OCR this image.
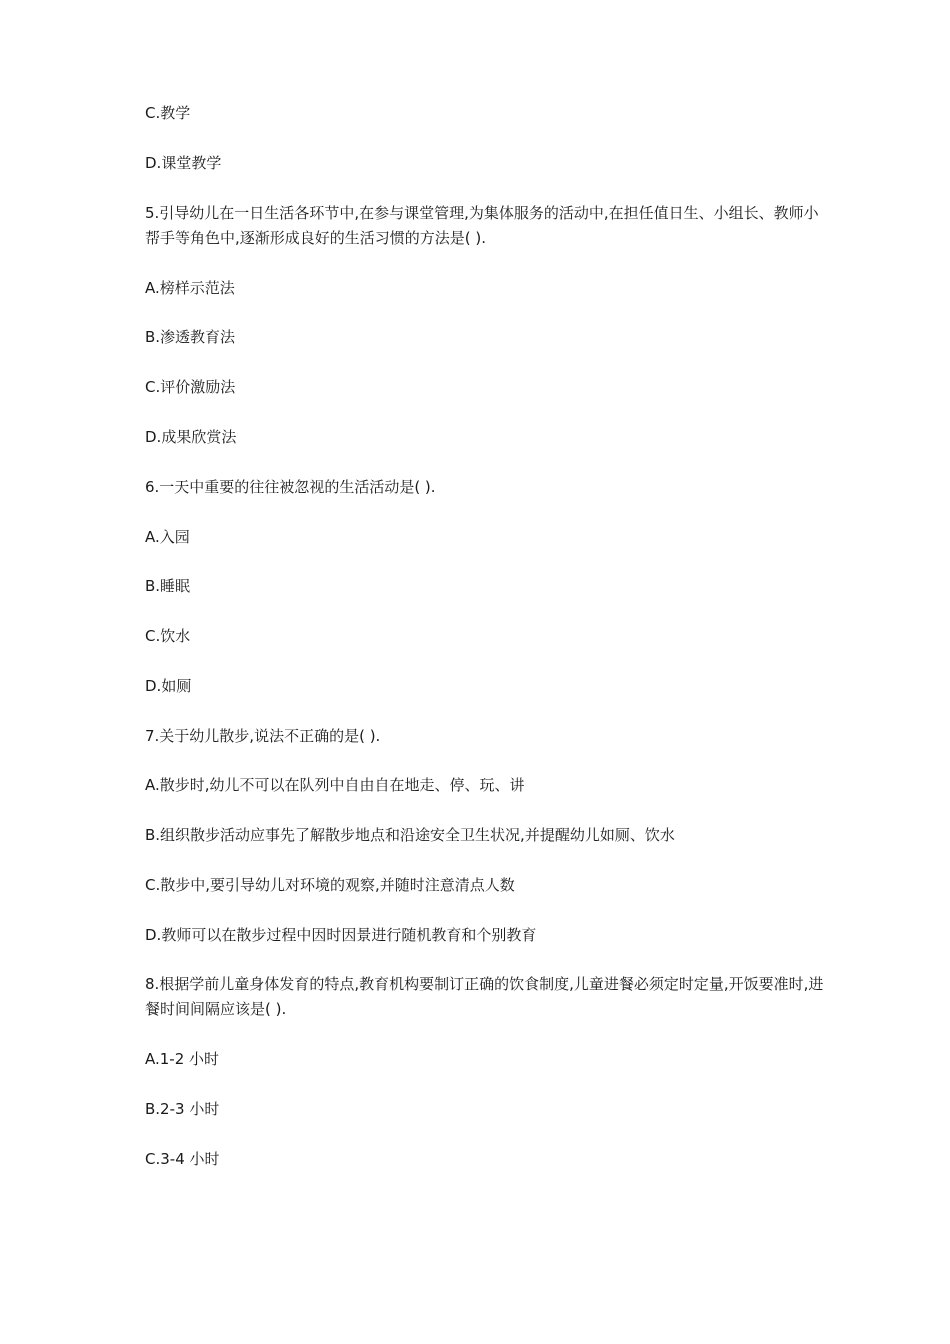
C.教学
D.课堂教学
5.引导幼儿在一日生活各环节中,在参与课堂管理,为集体服务的活动中,在担任值日生、小组长、教师小帮手等角色中,逐渐形成良好的生活习惯的方法是( ).
A.榜样示范法
B.渗透教育法
C.评价激励法
D.成果欣赏法
6.一天中重要的往往被忽视的生活活动是( ).
A.入园
B.睡眠
C.饮水
D.如厕
7.关于幼儿散步,说法不正确的是( ).
A.散步时,幼儿不可以在队列中自由自在地走、停、玩、讲
B.组织散步活动应事先了解散步地点和沿途安全卫生状况,并提醒幼儿如厕、饮水
C.散步中,要引导幼儿对环境的观察,并随时注意清点人数
D.教师可以在散步过程中因时因景进行随机教育和个别教育
8.根据学前儿童身体发育的特点,教育机构要制订正确的饮食制度,儿童进餐必须定时定量,开饭要准时,进餐时间间隔应该是( ).
A.1-2 小时
B.2-3 小时
C.3-4 小时
